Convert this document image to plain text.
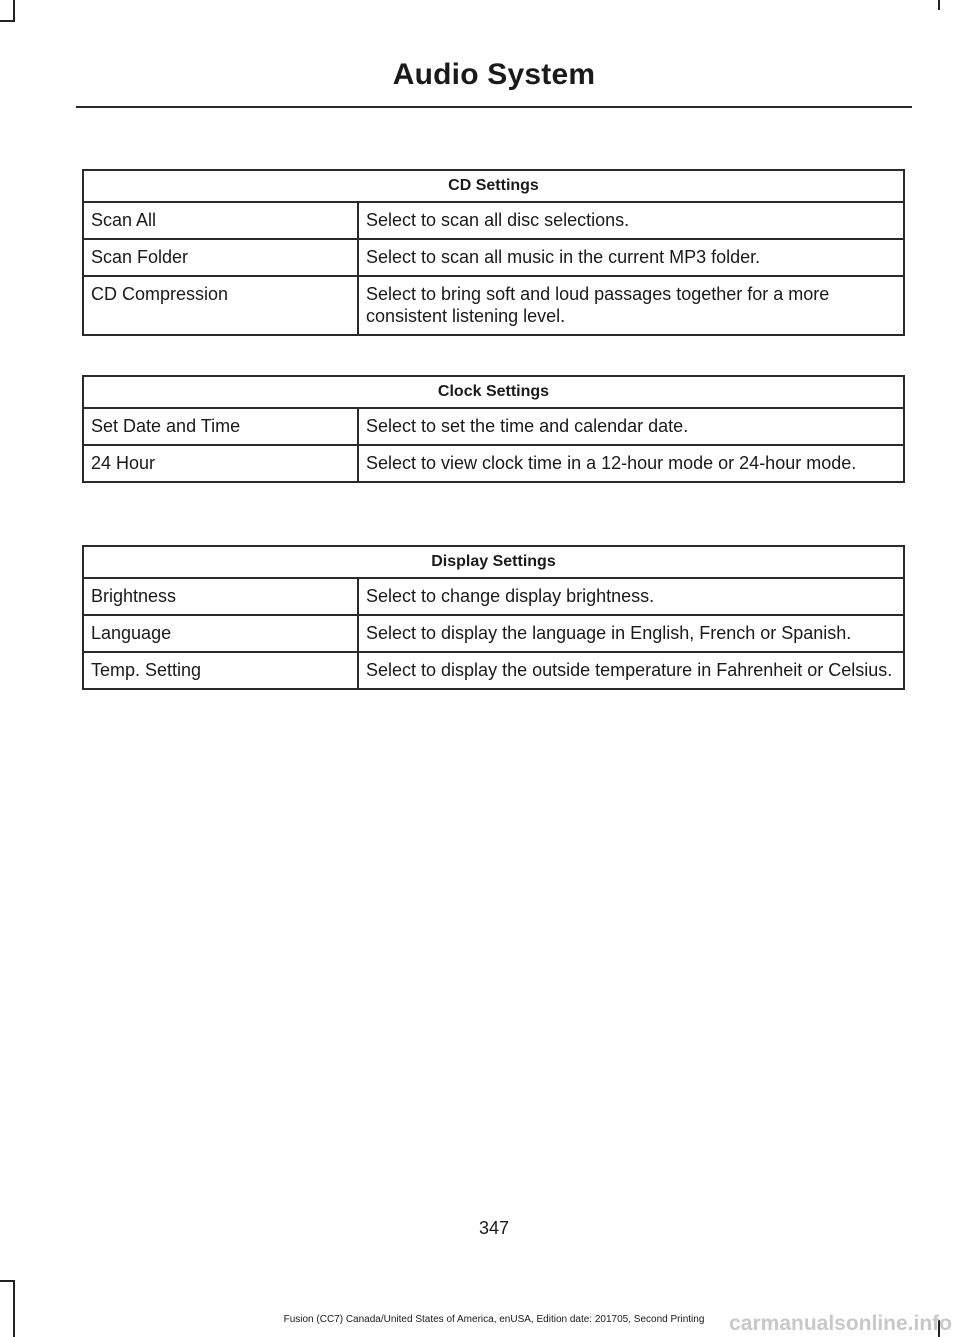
Audio System
CD Settings	
Scan All	Select to scan all disc selections.
Scan Folder	Select to scan all music in the current MP3 folder.
CD Compression	Select to bring soft and loud passages together for a more consistent listening level.
Clock Settings	
Set Date and Time	Select to set the time and calendar date.
24 Hour	Select to view clock time in a 12-hour mode or 24-hour mode.
Display Settings	
Brightness	Select to change display brightness.
Language	Select to display the language in English, French or Spanish.
Temp. Setting	Select to display the outside temperature in Fahrenheit or Celsius.
347
Fusion (CC7) Canada/United States of America, enUSA, Edition date: 201705, Second Printing	carmanualsonline.info
